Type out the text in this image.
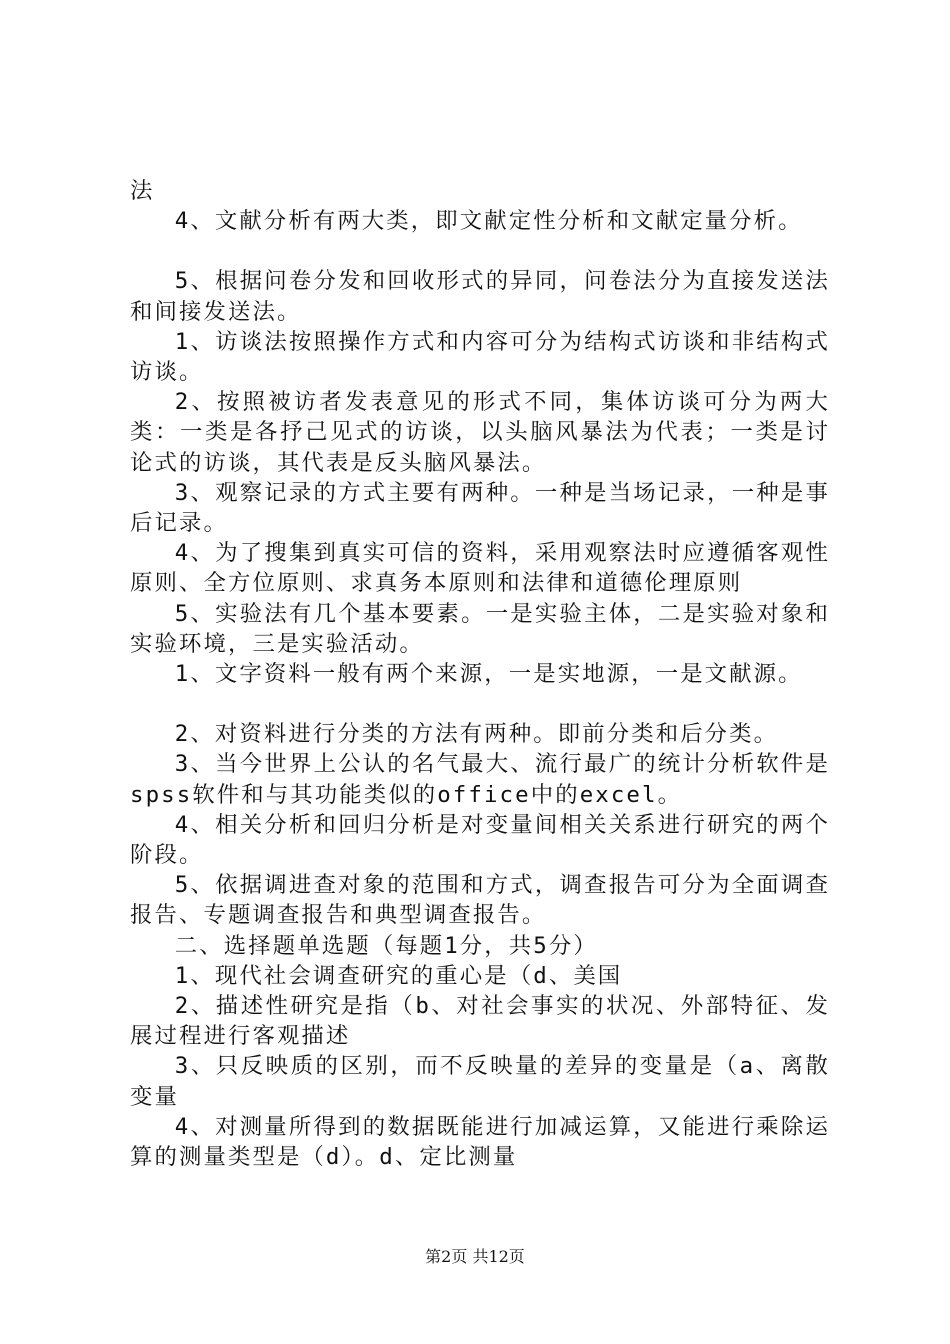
法

4、文献分析有两大类，即文献定性分析和文献定量分析。

5、根据问卷分发和回收形式的异同，问卷法分为直接发送法和间接发送法。

1、访谈法按照操作方式和内容可分为结构式访谈和非结构式访谈。

2、按照被访者发表意见的形式不同，集体访谈可分为两大类：一类是各抒己见式的访谈，以头脑风暴法为代表；一类是讨论式的访谈，其代表是反头脑风暴法。

3、观察记录的方式主要有两种。一种是当场记录，一种是事后记录。

4、为了搜集到真实可信的资料，采用观察法时应遵循客观性原则、全方位原则、求真务本原则和法律和道德伦理原则

5、实验法有几个基本要素。一是实验主体，二是实验对象和实验环境，三是实验活动。

1、文字资料一般有两个来源，一是实地源，一是文献源。

2、对资料进行分类的方法有两种。即前分类和后分类。

3、当今世界上公认的名气最大、流行最广的统计分析软件是spss软件和与其功能类似的office中的excel。

4、相关分析和回归分析是对变量间相关关系进行研究的两个阶段。

5、依据调进查对象的范围和方式，调查报告可分为全面调查报告、专题调查报告和典型调查报告。

二、选择题单选题（每题1分，共5分）

1、现代社会调查研究的重心是（d、美国

2、描述性研究是指（b、对社会事实的状况、外部特征、发展过程进行客观描述

3、只反映质的区别，而不反映量的差异的变量是（a、离散变量

4、对测量所得到的数据既能进行加减运算，又能进行乘除运算的测量类型是（d）。d、定比测量

第2页 共12页
